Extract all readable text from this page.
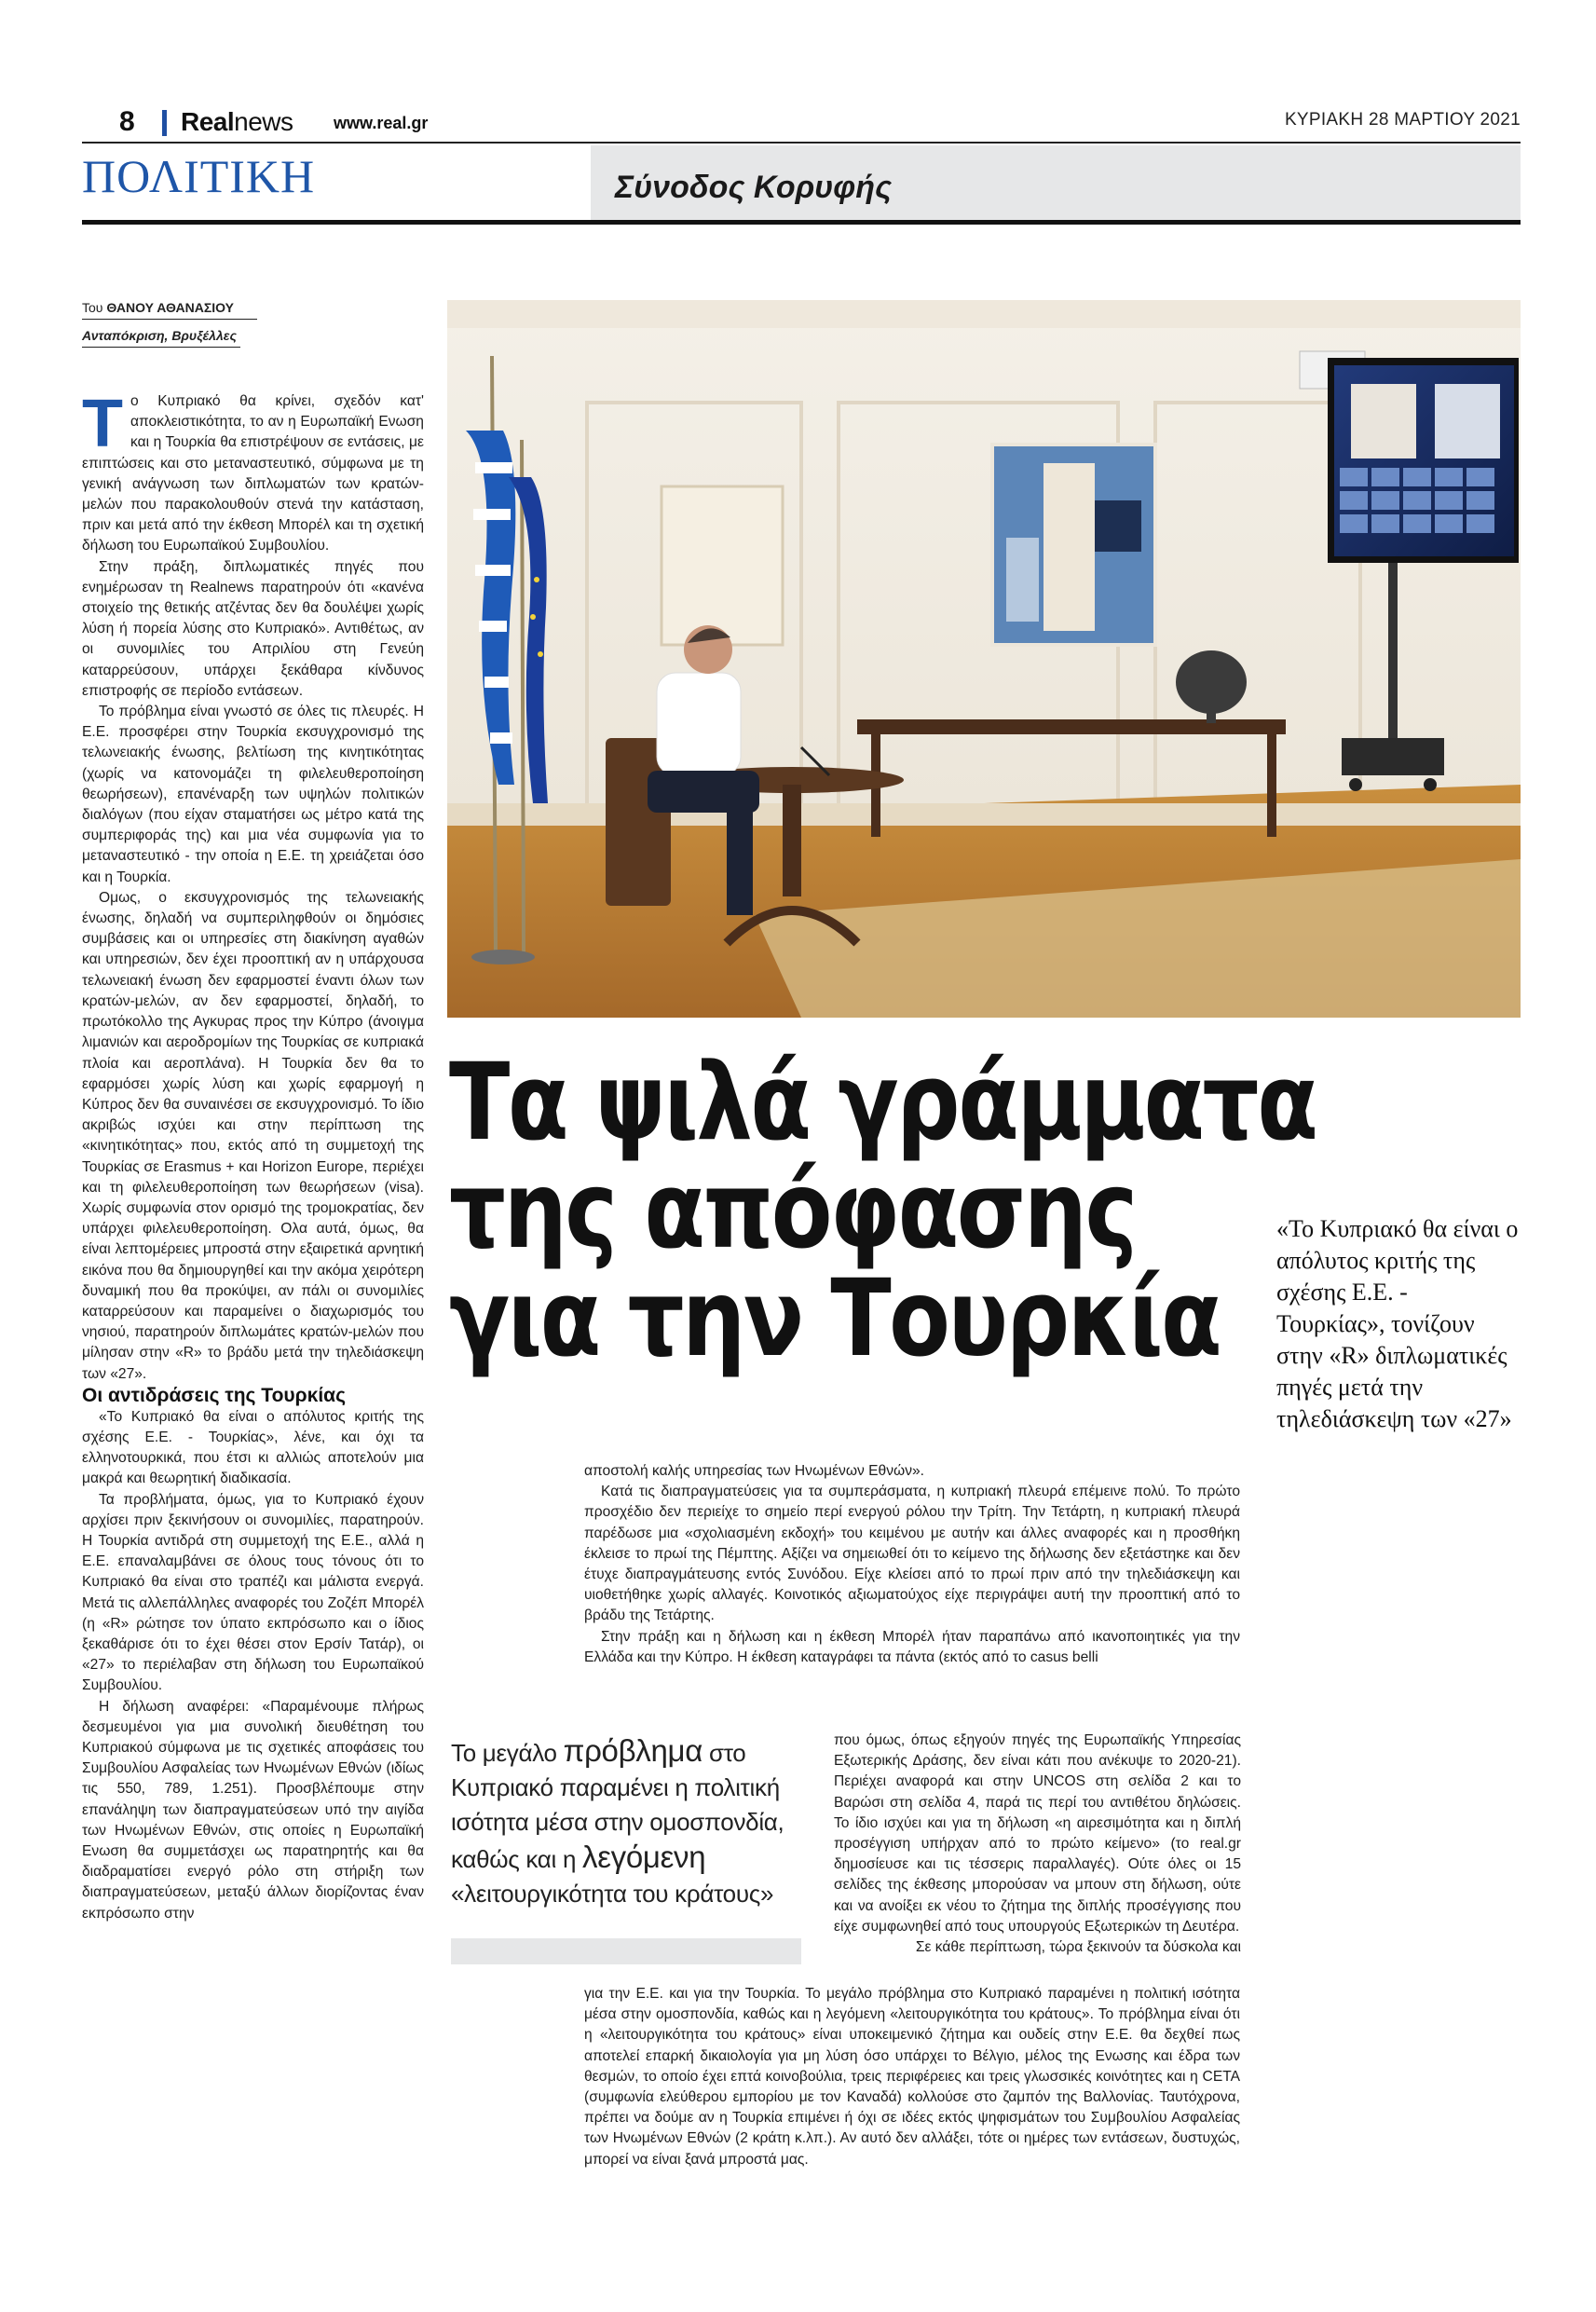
8 Realnews www.real.gr	ΚΥΡΙΑΚΗ 28 ΜΑΡΤΙΟΥ 2021
ΠΟΛΙΤΙΚΗ	Σύνοδος Κορυφής
Του ΘΑΝΟΥ ΑΘΑΝΑΣΙΟΥ
Ανταπόκριση, Βρυξέλλες

Το Κυπριακό θα κρίνει, σχεδόν κατ' αποκλειστικότητα, το αν η Ευρωπαϊκή Ενωση και η Τουρκία θα επιστρέψουν σε εντάσεις, με επιπτώσεις και στο μεταναστευτικό, σύμφωνα με τη γενική ανάγνωση των διπλωματών των κρατών-μελών που παρακολουθούν στενά την κατάσταση, πριν και μετά από την έκθεση Μπορέλ και τη σχετική δήλωση του Ευρωπαϊκού Συμβουλίου.

Στην πράξη, διπλωματικές πηγές που ενημέρωσαν τη Realnews παρατηρούν ότι «κανένα στοιχείο της θετικής ατζέντας δεν θα δουλέψει χωρίς λύση ή πορεία λύσης στο Κυπριακό». Αντιθέτως, αν οι συνομιλίες του Απριλίου στη Γενεύη καταρρεύσουν, υπάρχει ξεκάθαρα κίνδυνος επιστροφής σε περίοδο εντάσεων.

Το πρόβλημα είναι γνωστό σε όλες τις πλευρές. Η Ε.Ε. προσφέρει στην Τουρκία εκσυγχρονισμό της τελωνειακής ένωσης, βελτίωση της κινητικότητας (χωρίς να κατονομάζει τη φιλελευθεροποίηση θεωρήσεων), επανέναρξη των υψηλών πολιτικών διαλόγων (που είχαν σταματήσει ως μέτρο κατά της συμπεριφοράς της) και μια νέα συμφωνία για το μεταναστευτικό - την οποία η Ε.Ε. τη χρειάζεται όσο και η Τουρκία.

Ομως, ο εκσυγχρονισμός της τελωνειακής ένωσης, δηλαδή να συμπεριληφθούν οι δημόσιες συμβάσεις και οι υπηρεσίες στη διακίνηση αγαθών και υπηρεσιών, δεν έχει προοπτική αν η υπάρχουσα τελωνειακή ένωση δεν εφαρμοστεί έναντι όλων των κρατών-μελών, αν δεν εφαρμοστεί, δηλαδή, το πρωτόκολλο της Αγκυρας προς την Κύπρο (άνοιγμα λιμανιών και αεροδρομίων της Τουρκίας σε κυπριακά πλοία και αεροπλάνα). Η Τουρκία δεν θα το εφαρμόσει χωρίς λύση και χωρίς εφαρμογή η Κύπρος δεν θα συναινέσει σε εκσυγχρονισμό. Το ίδιο ακριβώς ισχύει και στην περίπτωση της «κινητικότητας» που, εκτός από τη συμμετοχή της Τουρκίας σε Erasmus + και Horizon Europe, περιέχει και τη φιλελευθεροποίηση των θεωρήσεων (visa). Χωρίς συμφωνία στον ορισμό της τρομοκρατίας, δεν υπάρχει φιλελευθεροποίηση. Ολα αυτά, όμως, θα είναι λεπτομέρειες μπροστά στην εξαιρετικά αρνητική εικόνα που θα δημιουργηθεί και την ακόμα χειρότερη δυναμική που θα προκύψει, αν πάλι οι συνομιλίες καταρρεύσουν και παραμείνει ο διαχωρισμός του νησιού, παρατηρούν διπλωμάτες κρατών-μελών που μίλησαν στην «R» το βράδυ μετά την τηλεδιάσκεψη των «27».

Οι αντιδράσεις της Τουρκίας

«Το Κυπριακό θα είναι ο απόλυτος κριτής της σχέσης Ε.Ε. - Τουρκίας», λένε, και όχι τα ελληνοτουρκικά, που έτσι κι αλλιώς αποτελούν μια μακρά και θεωρητική διαδικασία.

Τα προβλήματα, όμως, για το Κυπριακό έχουν αρχίσει πριν ξεκινήσουν οι συνομιλίες, παρατηρούν. Η Τουρκία αντιδρά στη συμμετοχή της Ε.Ε., αλλά η Ε.Ε. επαναλαμβάνει σε όλους τους τόνους ότι το Κυπριακό θα είναι στο τραπέζι και μάλιστα ενεργά. Μετά τις αλλεπάλληλες αναφορές του Ζοζέπ Μπορέλ (η «R» ρώτησε τον ύπατο εκπρόσωπο και ο ίδιος ξεκαθάρισε ότι το έχει θέσει στον Ερσίν Τατάρ), οι «27» το περιέλαβαν στη δήλωση του Ευρωπαϊκού Συμβουλίου.

Η δήλωση αναφέρει: «Παραμένουμε πλήρως δεσμευμένοι για μια συνολική διευθέτηση του Κυπριακού σύμφωνα με τις σχετικές αποφάσεις του Συμβουλίου Ασφαλείας των Ηνωμένων Εθνών (ιδίως τις 550, 789, 1.251). Προσβλέπουμε στην επανάληψη των διαπραγματεύσεων υπό την αιγίδα των Ηνωμένων Εθνών, στις οποίες η Ευρωπαϊκή Ενωση θα συμμετάσχει ως παρατηρητής και θα διαδραματίσει ενεργό ρόλο στη στήριξη των διαπραγματεύσεων, μεταξύ άλλων διορίζοντας έναν εκπρόσωπο στην

Τα ψιλά γράμματα
της απόφασης
για την Τουρκία
«Το Κυπριακό θα είναι ο απόλυτος κριτής της σχέσης Ε.Ε. - Τουρκίας», τονίζουν στην «R» διπλωματικές πηγές μετά την τηλεδιάσκεψη των «27»

αποστολή καλής υπηρεσίας των Ηνωμένων Εθνών».

Κατά τις διαπραγματεύσεις για τα συμπεράσματα, η κυπριακή πλευρά επέμεινε πολύ. Το πρώτο προσχέδιο δεν περιείχε το σημείο περί ενεργού ρόλου την Τρίτη. Την Τετάρτη, η κυπριακή πλευρά παρέδωσε μια «σχολιασμένη εκδοχή» του κειμένου με αυτήν και άλλες αναφορές και η προσθήκη έκλεισε το πρωί της Πέμπτης. Αξίζει να σημειωθεί ότι το κείμενο της δήλωσης δεν εξετάστηκε και δεν έτυχε διαπραγμάτευσης εντός Συνόδου. Είχε κλείσει από το πρωί πριν από την τηλεδιάσκεψη και υιοθετήθηκε χωρίς αλλαγές. Κοινοτικός αξιωματούχος είχε περιγράψει αυτή την προοπτική από το βράδυ της Τετάρτης.

Στην πράξη και η δήλωση και η έκθεση Μπορέλ ήταν παραπάνω από ικανοποιητικές για την Ελλάδα και την Κύπρο. Η έκθεση καταγράφει τα πάντα (εκτός από το casus belli

Το μεγάλο πρόβλημα στο Κυπριακό παραμένει η πολιτική ισότητα μέσα στην ομοσπονδία, καθώς και η λεγόμενη «λειτουργικότητα του κράτους»

που όμως, όπως εξηγούν πηγές της Ευρωπαϊκής Υπηρεσίας Εξωτερικής Δράσης, δεν είναι κάτι που ανέκυψε το 2020-21). Περιέχει αναφορά και στην UNCOS στη σελίδα 2 και το Βαρώσι στη σελίδα 4, παρά τις περί του αντιθέτου δηλώσεις. Το ίδιο ισχύει και για τη δήλωση «η αιρεσιμότητα και η διπλή προσέγγιση υπήρχαν από το πρώτο κείμενο» (το real.gr δημοσίευσε και τις τέσσερις παραλλαγές). Ούτε όλες οι 15 σελίδες της έκθεσης μπορούσαν να μπουν στη δήλωση, ούτε και να ανοίξει εκ νέου το ζήτημα της διπλής προσέγγισης που είχε συμφωνηθεί από τους υπουργούς Εξωτερικών τη Δευτέρα.

Σε κάθε περίπτωση, τώρα ξεκινούν τα δύσκολα και

για την Ε.Ε. και για την Τουρκία. Το μεγάλο πρόβλημα στο Κυπριακό παραμένει η πολιτική ισότητα μέσα στην ομοσπονδία, καθώς και η λεγόμενη «λειτουργικότητα του κράτους». Το πρόβλημα είναι ότι η «λειτουργικότητα του κράτους» είναι υποκειμενικό ζήτημα και ουδείς στην Ε.Ε. θα δεχθεί πως αποτελεί επαρκή δικαιολογία για μη λύση όσο υπάρχει το Βέλγιο, μέλος της Ενωσης και έδρα των θεσμών, το οποίο έχει επτά κοινοβούλια, τρεις περιφέρειες και τρεις γλωσσικές κοινότητες και η CETA (συμφωνία ελεύθερου εμπορίου με τον Καναδά) κολλούσε στο ζαμπόν της Βαλλονίας. Ταυτόχρονα, πρέπει να δούμε αν η Τουρκία επιμένει ή όχι σε ιδέες εκτός ψηφισμάτων του Συμβουλίου Ασφαλείας των Ηνωμένων Εθνών (2 κράτη κ.λπ.). Αν αυτό δεν αλλάξει, τότε οι ημέρες των εντάσεων, δυστυχώς, μπορεί να είναι ξανά μπροστά μας.
